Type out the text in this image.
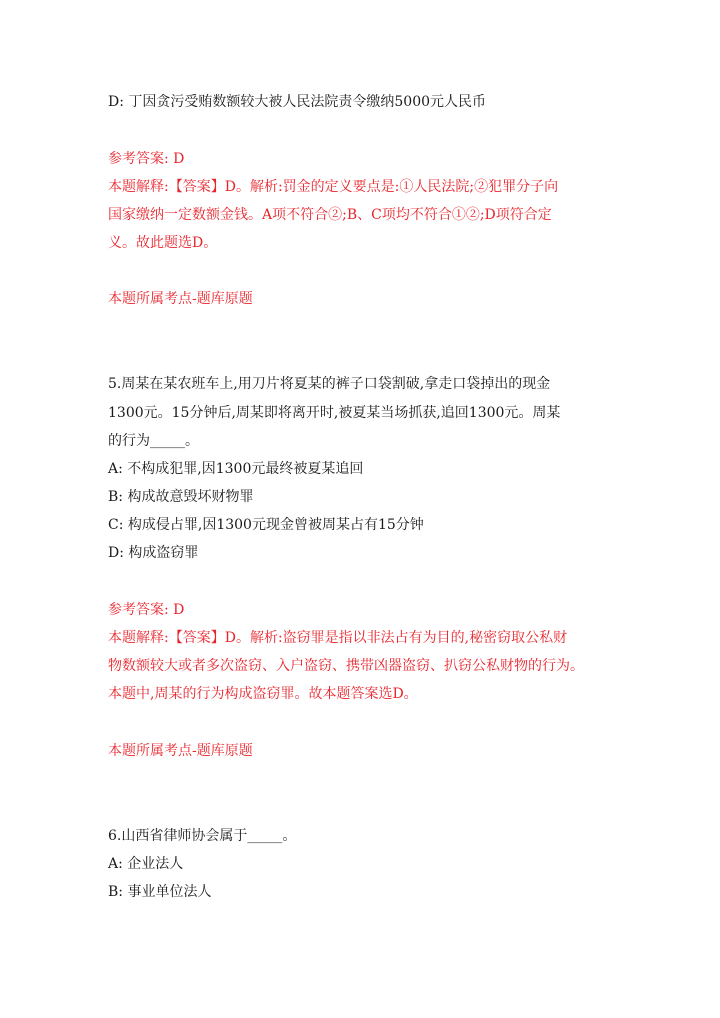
D: 丁因贪污受贿数额较大被人民法院责令缴纳5000元人民币

参考答案: D

本题解释:【答案】D。解析:罚金的定义要点是:①人民法院;②犯罪分子向

国家缴纳一定数额金钱。A项不符合②;B、C项均不符合①②;D项符合定

义。故此题选D。

本题所属考点-题库原题

5.周某在某农班车上,用刀片将夏某的裤子口袋割破,拿走口袋掉出的现金

1300元。15分钟后,周某即将离开时,被夏某当场抓获,追回1300元。周某

的行为_____。

A: 不构成犯罪,因1300元最终被夏某追回

B: 构成故意毁坏财物罪

C: 构成侵占罪,因1300元现金曾被周某占有15分钟

D: 构成盗窃罪

参考答案: D

本题解释:【答案】D。解析:盗窃罪是指以非法占有为目的,秘密窃取公私财

物数额较大或者多次盗窃、入户盗窃、携带凶器盗窃、扒窃公私财物的行为。

本题中,周某的行为构成盗窃罪。故本题答案选D。

本题所属考点-题库原题

6.山西省律师协会属于_____。

A: 企业法人

B: 事业单位法人
